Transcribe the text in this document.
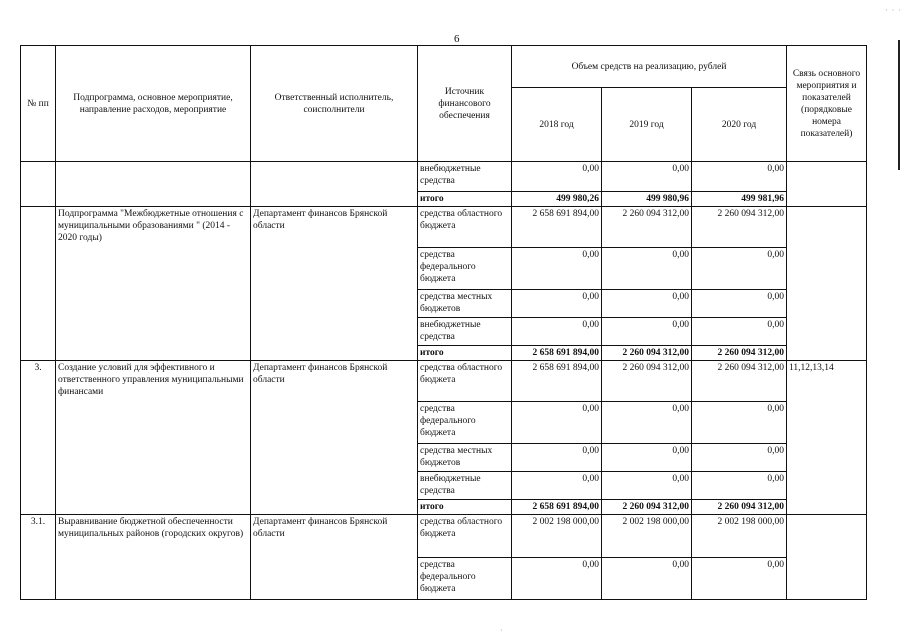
· · ·
6
№ пп	Подпрограмма, основное мероприятие, направление расходов, мероприятие	Ответственный исполнитель, соисполнители	Источник финансового обеспечения	Объем средств на реализацию, рублей			Связь основного мероприятия и показателей (порядковые номера показателей)
				2018 год	2019 год	2020 год	
			внебюджетные средства	0,00	0,00	0,00	
			итого	499 980,26	499 980,96	499 981,96	
	Подпрограмма "Межбюджетные отношения с муниципальными образованиями " (2014 - 2020 годы)	Департамент финансов Брянской области	средства областного бюджета	2 658 691 894,00	2 260 094 312,00	2 260 094 312,00	
			средства федерального бюджета	0,00	0,00	0,00	
			средства местных бюджетов	0,00	0,00	0,00	
			внебюджетные средства	0,00	0,00	0,00	
			итого	2 658 691 894,00	2 260 094 312,00	2 260 094 312,00	
3.	Создание условий для эффективного и ответственного управления муниципальными финансами	Департамент финансов Брянской области	средства областного бюджета	2 658 691 894,00	2 260 094 312,00	2 260 094 312,00	11,12,13,14
			средства федерального бюджета	0,00	0,00	0,00	
			средства местных бюджетов	0,00	0,00	0,00	
			внебюджетные средства	0,00	0,00	0,00	
			итого	2 658 691 894,00	2 260 094 312,00	2 260 094 312,00	
3.1.	Выравнивание бюджетной обеспеченности муниципальных районов (городских округов)	Департамент финансов Брянской области	средства областного бюджета	2 002 198 000,00	2 002 198 000,00	2 002 198 000,00	
			средства федерального бюджета	0,00	0,00	0,00	
·
